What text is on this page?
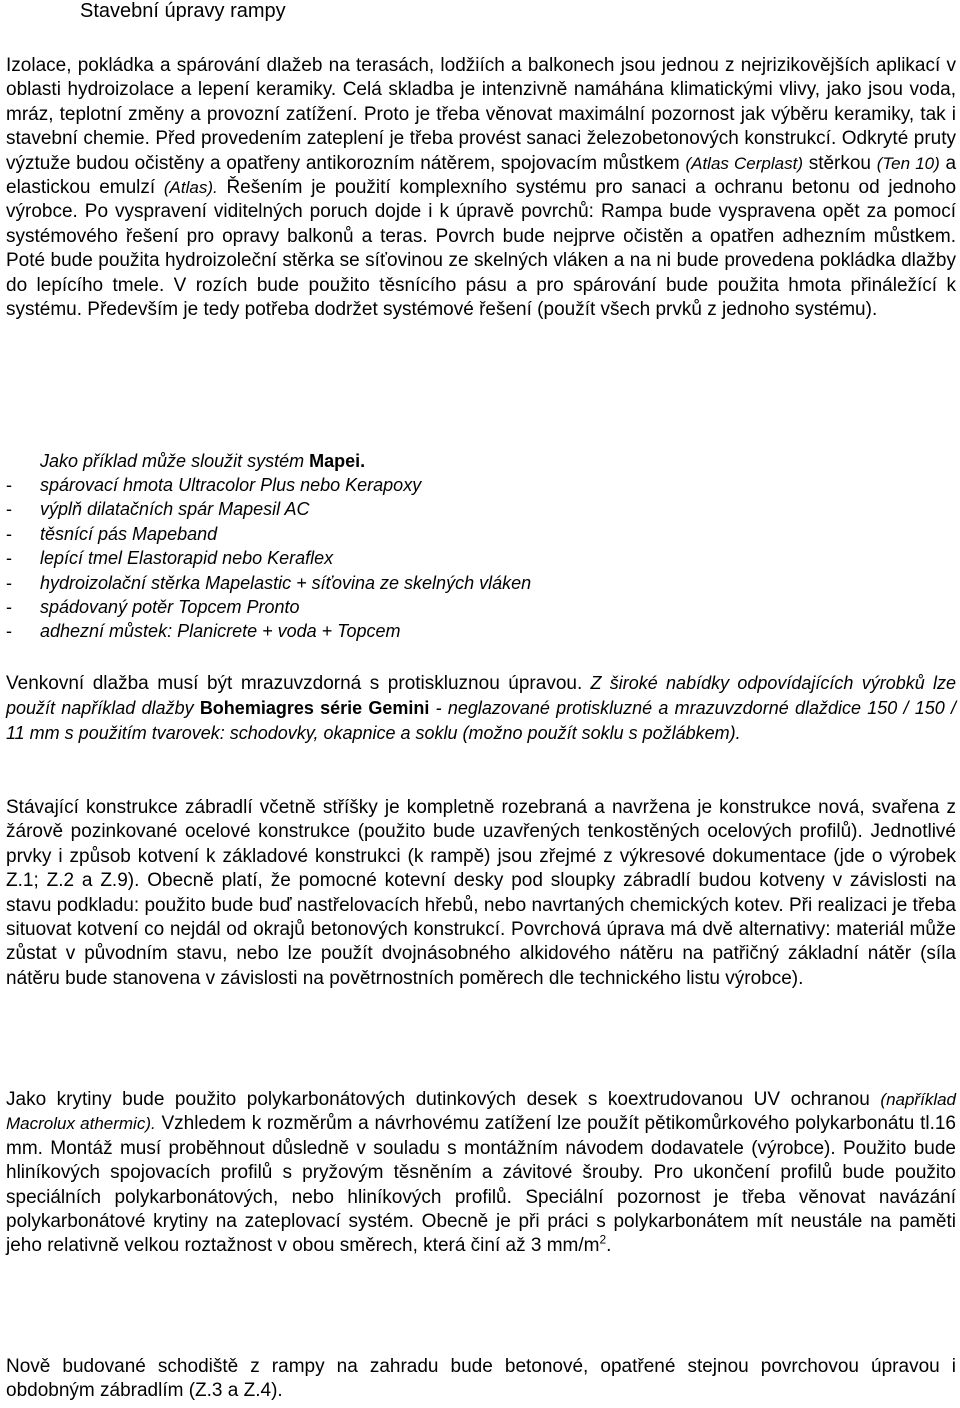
Stavební úpravy rampy

Izolace, pokládka a spárování dlažeb na terasách, lodžiích a balkonech jsou jednou z nejrizikovějších aplikací v oblasti hydroizolace a lepení keramiky. Celá skladba je intenzivně namáhána klimatickými vlivy, jako jsou voda, mráz, teplotní změny a provozní zatížení. Proto je třeba věnovat maximální pozornost jak výběru keramiky, tak i stavební chemie. Před provedením zateplení je třeba provést sanaci železobetonových konstrukcí. Odkryté pruty výztuže budou očistěny a opatřeny antikorozním nátěrem, spojovacím můstkem (Atlas Cerplast) stěrkou (Ten 10) a elastickou emulzí (Atlas). Řešením je použití komplexního systému pro sanaci a ochranu betonu od jednoho výrobce. Po vyspravení viditelných poruch dojde i k úpravě povrchů: Rampa bude vyspravena opět za pomocí systémového řešení pro opravy balkonů a teras. Povrch bude nejprve očistěn a opatřen adhezním můstkem. Poté bude použita hydroizoleční stěrka se síťovinou ze skelných vláken a na ni bude provedena pokládka dlažby do lepícího tmele. V rozích bude použito těsnícího pásu a pro spárování bude použita hmota přináležící k systému. Především je tedy potřeba dodržet systémové řešení (použít všech prvků z jednoho systému).

Jako příklad může sloužit systém Mapei.

- spárovací hmota Ultracolor Plus nebo Kerapoxy
- výplň dilatačních spár Mapesil AC
- těsnící pás Mapeband
- lepící tmel Elastorapid nebo Keraflex
- hydroizolační stěrka Mapelastic + síťovina ze skelných vláken
- spádovaný potěr Topcem Pronto
- adhezní můstek: Planicrete + voda + Topcem

Venkovní dlažba musí být mrazuvzdorná s protiskluznou úpravou. Z široké nabídky odpovídajících výrobků lze použít například dlažby Bohemiagres série Gemini - neglazované protiskluzné a mrazuvzdorné dlaždice 150 / 150 / 11 mm s použitím tvarovek: schodovky, okapnice a soklu (možno použít soklu s požlábkem).

Stávající konstrukce zábradlí včetně stříšky je kompletně rozebraná a navržena je konstrukce nová, svařena z žárově pozinkované ocelové konstrukce (použito bude uzavřených tenkostěných ocelových profilů). Jednotlivé prvky i způsob kotvení k základové konstrukci (k rampě) jsou zřejmé z výkresové dokumentace (jde o výrobek Z.1; Z.2 a Z.9). Obecně platí, že pomocné kotevní desky pod sloupky zábradlí budou kotveny v závislosti na stavu podkladu: použito bude buď nastřelovacích hřebů, nebo navrtaných chemických kotev. Při realizaci je třeba situovat kotvení co nejdál od okrajů betonových konstrukcí. Povrchová úprava má dvě alternativy: materiál může zůstat v původním stavu, nebo lze použít dvojnásobného alkidového nátěru na patřičný základní nátěr (síla nátěru bude stanovena v závislosti na povětrnostních poměrech dle technického listu výrobce).

Jako krytiny bude použito polykarbonátových dutinkových desek s koextrudovanou UV ochranou (například Macrolux athermic). Vzhledem k rozměrům a návrhovému zatížení lze použít pětikomůrkového polykarbonátu tl.16 mm. Montáž musí proběhnout důsledně v souladu s montážním návodem dodavatele (výrobce). Použito bude hliníkových spojovacích profilů s pryžovým těsněním a závitové šrouby. Pro ukončení profilů bude použito speciálních polykarbonátových, nebo hliníkových profilů. Speciální pozornost je třeba věnovat navázání polykarbonátové krytiny na zateplovací systém. Obecně je při práci s polykarbonátem mít neustále na paměti jeho relativně velkou roztažnost v obou směrech, která činí až 3 $mm/m^2$.

Nově budované schodiště z rampy na zahradu bude betonové, opatřené stejnou povrchovou úpravou i obdobným zábradlím (Z.3 a Z.4).
